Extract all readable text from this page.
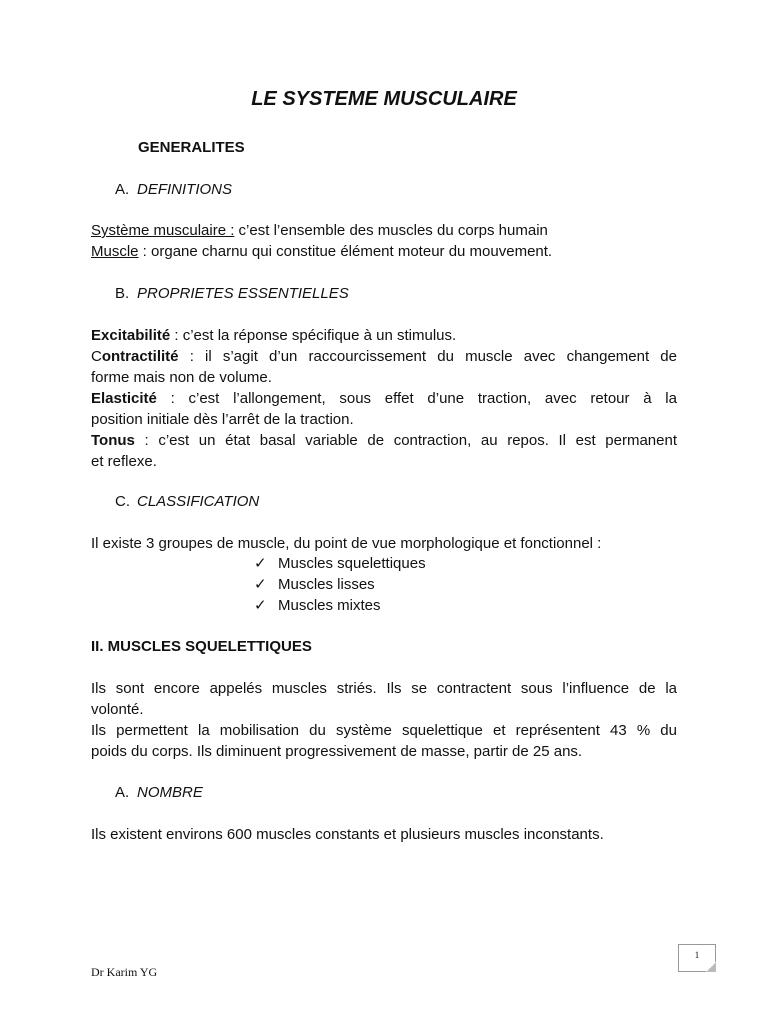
LE SYSTEME MUSCULAIRE
GENERALITES
A. DEFINITIONS
Système musculaire : c’est l’ensemble des muscles du corps humain
Muscle : organe charnu qui constitue élément moteur du mouvement.
B. PROPRIETES ESSENTIELLES
Excitabilité : c’est la réponse spécifique à un stimulus.
Contractilité : il s’agit d’un raccourcissement du muscle avec changement de
forme mais non de volume.
Elasticité : c’est l’allongement, sous effet d’une traction, avec retour à la
position initiale dès l’arrêt de la traction.
Tonus : c’est un état basal variable de contraction, au repos. Il est permanent
et reflexe.
C. CLASSIFICATION
Il existe 3 groupes de muscle, du point de vue morphologique et fonctionnel :
✓ Muscles squelettiques
✓ Muscles lisses
✓ Muscles mixtes
II. MUSCLES SQUELETTIQUES
Ils sont encore appelés muscles striés. Ils se contractent sous l’influence de la
volonté.
Ils permettent la mobilisation du système squelettique et représentent 43 % du
poids du corps. Ils diminuent progressivement de masse, partir de 25 ans.
A. NOMBRE
Ils existent environs 600 muscles constants et plusieurs muscles inconstants.
1
Dr Karim YG
